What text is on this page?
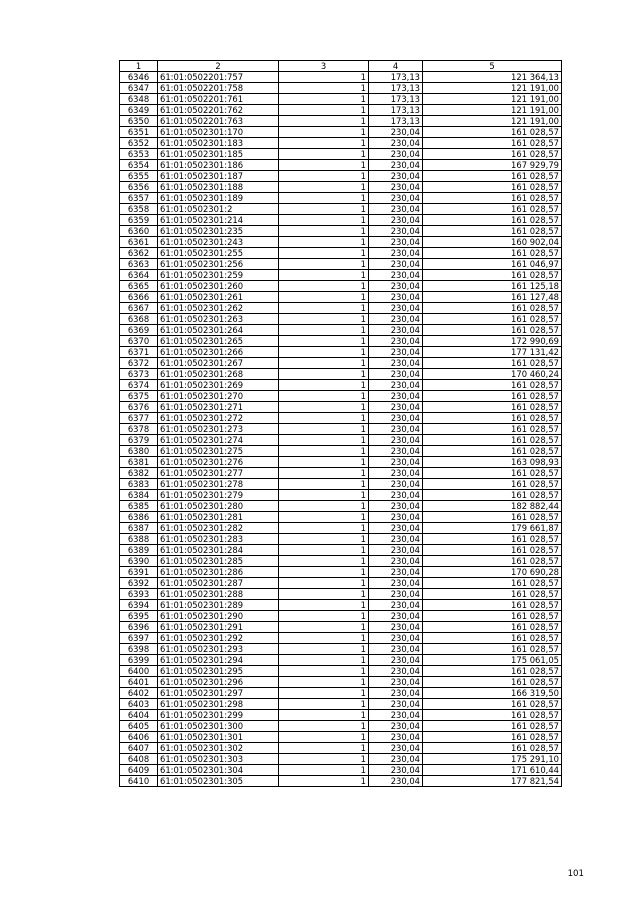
1	2	3	4	5
6346	61:01:0502201:757	1	173,13	121 364,13
6347	61:01:0502201:758	1	173,13	121 191,00
6348	61:01:0502201:761	1	173,13	121 191,00
6349	61:01:0502201:762	1	173,13	121 191,00
6350	61:01:0502201:763	1	173,13	121 191,00
6351	61:01:0502301:170	1	230,04	161 028,57
6352	61:01:0502301:183	1	230,04	161 028,57
6353	61:01:0502301:185	1	230,04	161 028,57
6354	61:01:0502301:186	1	230,04	167 929,79
6355	61:01:0502301:187	1	230,04	161 028,57
6356	61:01:0502301:188	1	230,04	161 028,57
6357	61:01:0502301:189	1	230,04	161 028,57
6358	61:01:0502301:2	1	230,04	161 028,57
6359	61:01:0502301:214	1	230,04	161 028,57
6360	61:01:0502301:235	1	230,04	161 028,57
6361	61:01:0502301:243	1	230,04	160 902,04
6362	61:01:0502301:255	1	230,04	161 028,57
6363	61:01:0502301:256	1	230,04	161 046,97
6364	61:01:0502301:259	1	230,04	161 028,57
6365	61:01:0502301:260	1	230,04	161 125,18
6366	61:01:0502301:261	1	230,04	161 127,48
6367	61:01:0502301:262	1	230,04	161 028,57
6368	61:01:0502301:263	1	230,04	161 028,57
6369	61:01:0502301:264	1	230,04	161 028,57
6370	61:01:0502301:265	1	230,04	172 990,69
6371	61:01:0502301:266	1	230,04	177 131,42
6372	61:01:0502301:267	1	230,04	161 028,57
6373	61:01:0502301:268	1	230,04	170 460,24
6374	61:01:0502301:269	1	230,04	161 028,57
6375	61:01:0502301:270	1	230,04	161 028,57
6376	61:01:0502301:271	1	230,04	161 028,57
6377	61:01:0502301:272	1	230,04	161 028,57
6378	61:01:0502301:273	1	230,04	161 028,57
6379	61:01:0502301:274	1	230,04	161 028,57
6380	61:01:0502301:275	1	230,04	161 028,57
6381	61:01:0502301:276	1	230,04	163 098,93
6382	61:01:0502301:277	1	230,04	161 028,57
6383	61:01:0502301:278	1	230,04	161 028,57
6384	61:01:0502301:279	1	230,04	161 028,57
6385	61:01:0502301:280	1	230,04	182 882,44
6386	61:01:0502301:281	1	230,04	161 028,57
6387	61:01:0502301:282	1	230,04	179 661,87
6388	61:01:0502301:283	1	230,04	161 028,57
6389	61:01:0502301:284	1	230,04	161 028,57
6390	61:01:0502301:285	1	230,04	161 028,57
6391	61:01:0502301:286	1	230,04	170 690,28
6392	61:01:0502301:287	1	230,04	161 028,57
6393	61:01:0502301:288	1	230,04	161 028,57
6394	61:01:0502301:289	1	230,04	161 028,57
6395	61:01:0502301:290	1	230,04	161 028,57
6396	61:01:0502301:291	1	230,04	161 028,57
6397	61:01:0502301:292	1	230,04	161 028,57
6398	61:01:0502301:293	1	230,04	161 028,57
6399	61:01:0502301:294	1	230,04	175 061,05
6400	61:01:0502301:295	1	230,04	161 028,57
6401	61:01:0502301:296	1	230,04	161 028,57
6402	61:01:0502301:297	1	230,04	166 319,50
6403	61:01:0502301:298	1	230,04	161 028,57
6404	61:01:0502301:299	1	230,04	161 028,57
6405	61:01:0502301:300	1	230,04	161 028,57
6406	61:01:0502301:301	1	230,04	161 028,57
6407	61:01:0502301:302	1	230,04	161 028,57
6408	61:01:0502301:303	1	230,04	175 291,10
6409	61:01:0502301:304	1	230,04	171 610,44
6410	61:01:0502301:305	1	230,04	177 821,54
101
